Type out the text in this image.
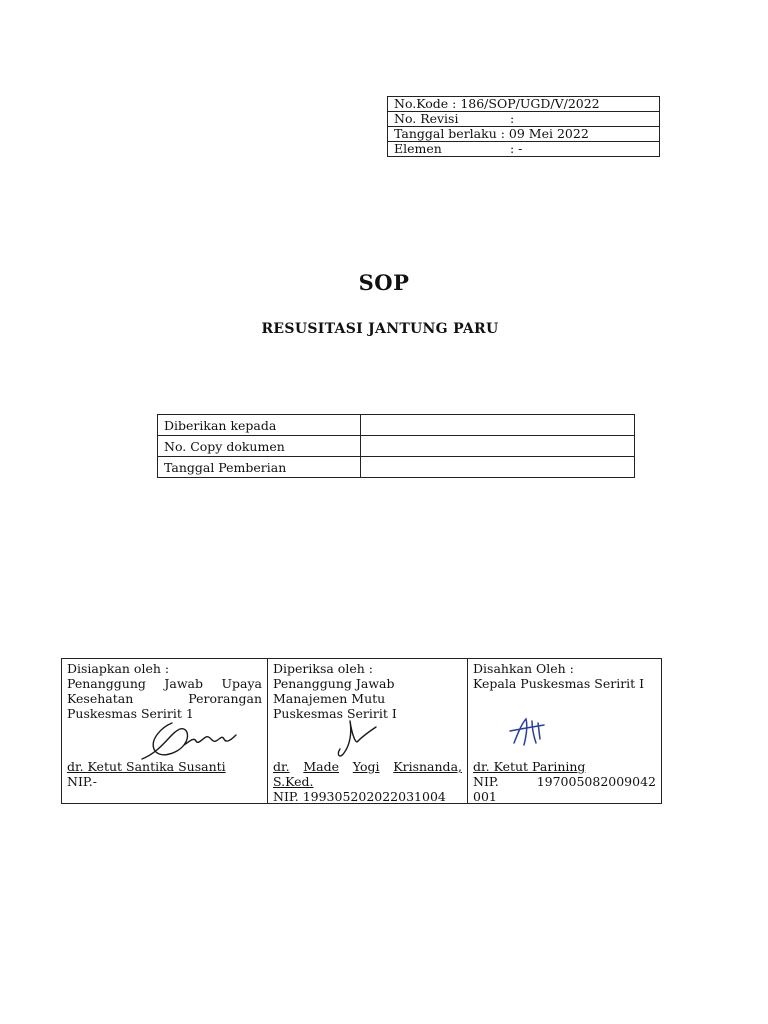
No.Kode : 186/SOP/UGD/V/2022
No. Revisi	:
Tanggal berlaku : 09 Mei 2022
Elemen	: -
SOP
RESUSITASI JANTUNG PARU
Diberikan kepada	
No. Copy dokumen	
Tanggal Pemberian	
Disiapkan oleh :
Penanggung Jawab Upaya
Kesehatan	Perorangan
Puskesmas Seririt 1
dr. Ketut Santika Susanti
NIP.-

Diperiksa oleh :
Penanggung Jawab
Manajemen Mutu
Puskesmas Seririt I
dr. Made Yogi Krisnanda,
S.Ked.
NIP. 199305202022031004

Disahkan Oleh :
Kepala Puskesmas Seririt I
dr. Ketut Parining
NIP.	197005082009042
001
